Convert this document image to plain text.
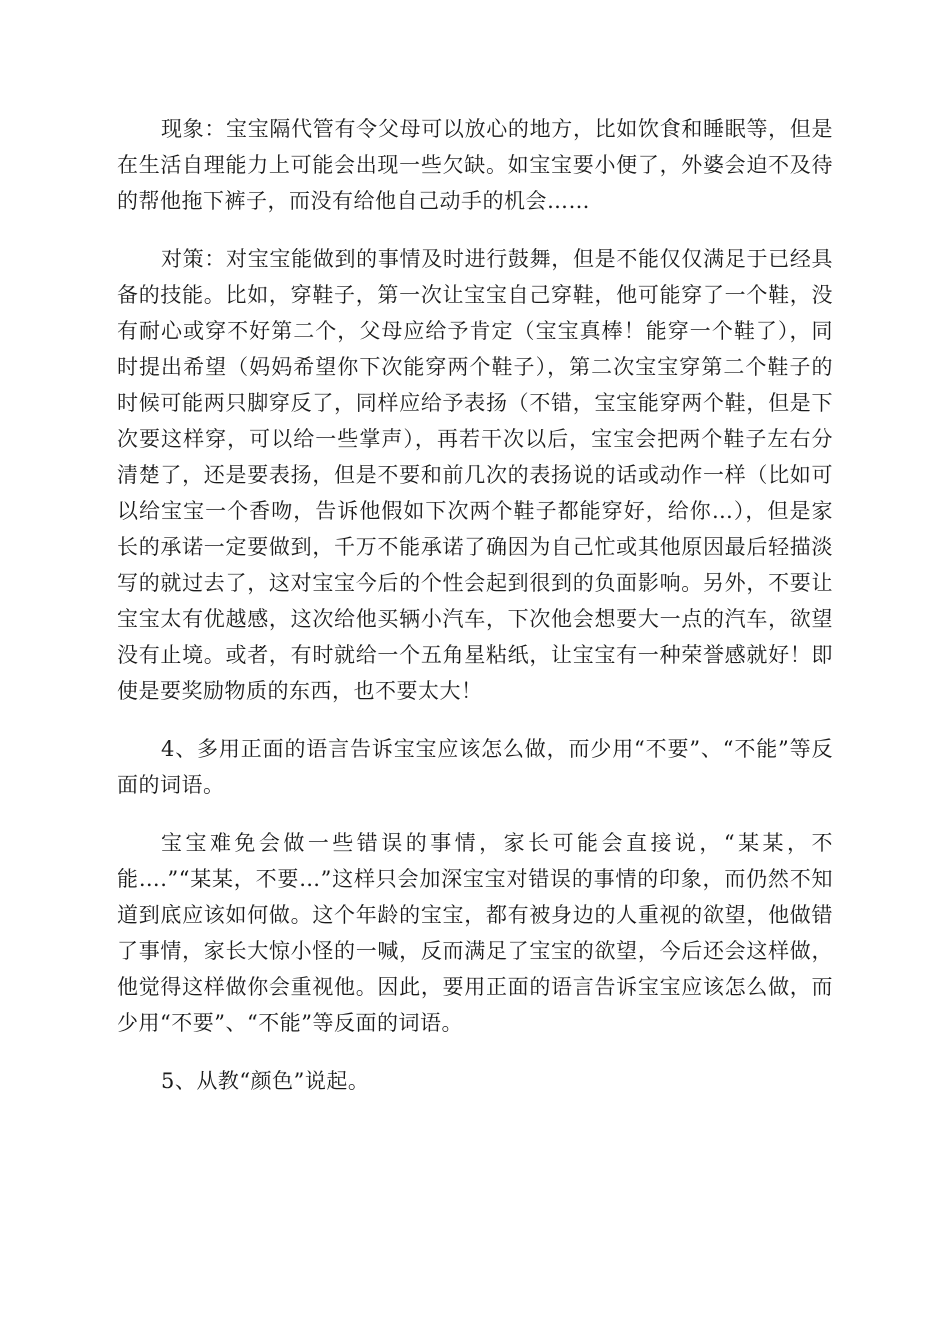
现象：宝宝隔代管有令父母可以放心的地方，比如饮食和睡眠等，但是在生活自理能力上可能会出现一些欠缺。如宝宝要小便了，外婆会迫不及待的帮他拖下裤子，而没有给他自己动手的机会……

对策：对宝宝能做到的事情及时进行鼓舞，但是不能仅仅满足于已经具备的技能。比如，穿鞋子，第一次让宝宝自己穿鞋，他可能穿了一个鞋，没有耐心或穿不好第二个，父母应给予肯定（宝宝真棒！能穿一个鞋了），同时提出希望（妈妈希望你下次能穿两个鞋子），第二次宝宝穿第二个鞋子的时候可能两只脚穿反了，同样应给予表扬（不错，宝宝能穿两个鞋，但是下次要这样穿，可以给一些掌声），再若干次以后，宝宝会把两个鞋子左右分清楚了，还是要表扬，但是不要和前几次的表扬说的话或动作一样（比如可以给宝宝一个香吻，告诉他假如下次两个鞋子都能穿好，给你…），但是家长的承诺一定要做到，千万不能承诺了确因为自己忙或其他原因最后轻描淡写的就过去了，这对宝宝今后的个性会起到很到的负面影响。另外，不要让宝宝太有优越感，这次给他买辆小汽车，下次他会想要大一点的汽车，欲望没有止境。或者，有时就给一个五角星粘纸，让宝宝有一种荣誉感就好！即使是要奖励物质的东西，也不要太大！

4、多用正面的语言告诉宝宝应该怎么做，而少用“不要”、“不能”等反面的词语。

宝宝难免会做一些错误的事情，家长可能会直接说，“某某，不能….”“某某，不要…”这样只会加深宝宝对错误的事情的印象，而仍然不知道到底应该如何做。这个年龄的宝宝，都有被身边的人重视的欲望，他做错了事情，家长大惊小怪的一喊，反而满足了宝宝的欲望，今后还会这样做，他觉得这样做你会重视他。因此，要用正面的语言告诉宝宝应该怎么做，而少用“不要”、“不能”等反面的词语。

5、从教“颜色”说起。
